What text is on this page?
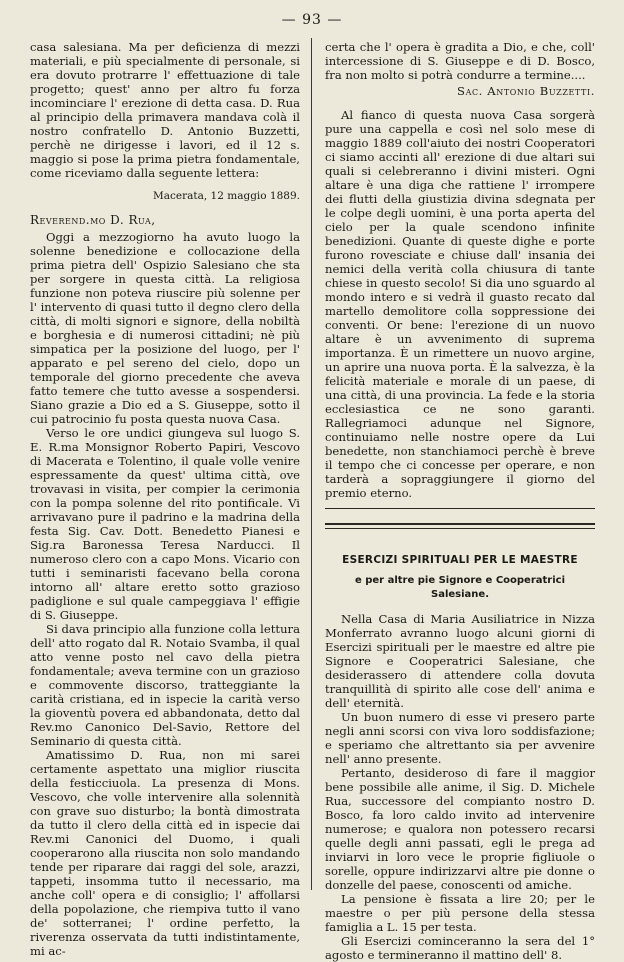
— 93 —

casa salesiana. Ma per deficienza di mezzi materiali, e più specialmente di personale, si era dovuto protrarre l' effettuazione di tale progetto; quest' anno per altro fu forza incominciare l' erezione di detta casa. D. Rua al principio della primavera mandava colà il nostro confratello D. Antonio Buzzetti, perchè ne dirigesse i lavori, ed il 12 s. maggio si pose la prima pietra fondamentale, come riceviamo dalla seguente lettera:

Macerata, 12 maggio 1889.
Reverend.mo D. Rua,

Oggi a mezzogiorno ha avuto luogo la solenne benedizione e collocazione della prima pietra dell' Ospizio Salesiano che sta per sorgere in questa città. La religiosa funzione non poteva riuscire più solenne per l' intervento di quasi tutto il degno clero della città, di molti signori e signore, della nobiltà e borghesia e di numerosi cittadini; nè più simpatica per la posizione del luogo, per l' apparato e pel sereno del cielo, dopo un temporale del giorno precedente che aveva fatto temere che tutto avesse a sospendersi. Siano grazie a Dio ed a S. Giuseppe, sotto il cui patrocinio fu posta questa nuova Casa.

Verso le ore undici giungeva sul luogo S. E. R.ma Monsignor Roberto Papiri, Vescovo di Macerata e Tolentino, il quale volle venire espressamente da quest' ultima città, ove trovavasi in visita, per compier la cerimonia con la pompa solenne del rito pontificale. Vi arrivavano pure il padrino e la madrina della festa Sig. Cav. Dott. Benedetto Pianesi e Sig.ra Baronessa Teresa Narducci. Il numeroso clero con a capo Mons. Vicario con tutti i seminaristi facevano bella corona intorno all' altare eretto sotto grazioso padiglione e sul quale campeggiava l' effigie di S. Giuseppe.

Si dava principio alla funzione colla lettura dell' atto rogato dal R. Notaio Svamba, il qual atto venne posto nel cavo della pietra fondamentale; aveva termine con un grazioso e commovente discorso, tratteggiante la carità cristiana, ed in ispecie la carità verso la gioventù povera ed abbandonata, detto dal Rev.mo Canonico Del-Savio, Rettore del Seminario di questa città.

Amatissimo D. Rua, non mi sarei certamente aspettato una miglior riuscita della festicciuola. La presenza di Mons. Vescovo, che volle intervenire alla solennità con grave suo disturbo; la bontà dimostrata da tutto il clero della città ed in ispecie dai Rev.mi Canonici del Duomo, i quali cooperarono alla riuscita non solo mandando tende per riparare dai raggi del sole, arazzi, tappeti, insomma tutto il necessario, ma anche coll' opera e di consiglio; l' affollarsi della popolazione, che riempiva tutto il vano de' sotterranei; l' ordine perfetto, la riverenza osservata da tutti indistintamente, mi ac-

certa che l' opera è gradita a Dio, e che, coll' intercessione di S. Giuseppe e di D. Bosco, fra non molto si potrà condurre a termine....

Sac. Antonio Buzzetti.

Al fianco di questa nuova Casa sorgerà pure una cappella e così nel solo mese di maggio 1889 coll'aiuto dei nostri Cooperatori ci siamo accinti all' erezione di due altari sui quali si celebreranno i divini misteri. Ogni altare è una diga che rattiene l' irrompere dei flutti della giustizia divina sdegnata per le colpe degli uomini, è una porta aperta del cielo per la quale scendono infinite benedizioni. Quante di queste dighe e porte furono rovesciate e chiuse dall' insania dei nemici della verità colla chiusura di tante chiese in questo secolo! Si dia uno sguardo al mondo intero e si vedrà il guasto recato dal martello demolitore colla soppressione dei conventi. Or bene: l'erezione di un nuovo altare è un avvenimento di suprema importanza. È un rimettere un nuovo argine, un aprire una nuova porta. È la salvezza, è la felicità materiale e morale di un paese, di una città, di una provincia. La fede e la storia ecclesiastica ce ne sono garanti. Rallegriamoci adunque nel Signore, continuiamo nelle nostre opere da Lui benedette, non stanchiamoci perchè è breve il tempo che ci concesse per operare, e non tarderà a sopraggiungere il giorno del premio eterno.

ESERCIZI SPIRITUALI PER LE MAESTRE
e per altre pie Signore e Cooperatrici Salesiane.

Nella Casa di Maria Ausiliatrice in Nizza Monferrato avranno luogo alcuni giorni di Esercizi spirituali per le maestre ed altre pie Signore e Cooperatrici Salesiane, che desiderassero di attendere colla dovuta tranquillità di spirito alle cose dell' anima e dell' eternità.

Un buon numero di esse vi presero parte negli anni scorsi con viva loro soddisfazione; e speriamo che altrettanto sia per avvenire nell' anno presente.

Pertanto, desideroso di fare il maggior bene possibile alle anime, il Sig. D. Michele Rua, successore del compianto nostro D. Bosco, fa loro caldo invito ad intervenire numerose; e qualora non potessero recarsi quelle degli anni passati, egli le prega ad inviarvi in loro vece le proprie figliuole o sorelle, oppure indirizzarvi altre pie donne o donzelle del paese, conoscenti od amiche.

La pensione è fissata a lire 20; per le maestre o per più persone della stessa famiglia a L. 15 per testa.

Gli Esercizi cominceranno la sera del 1° agosto e termineranno il mattino dell' 8.
